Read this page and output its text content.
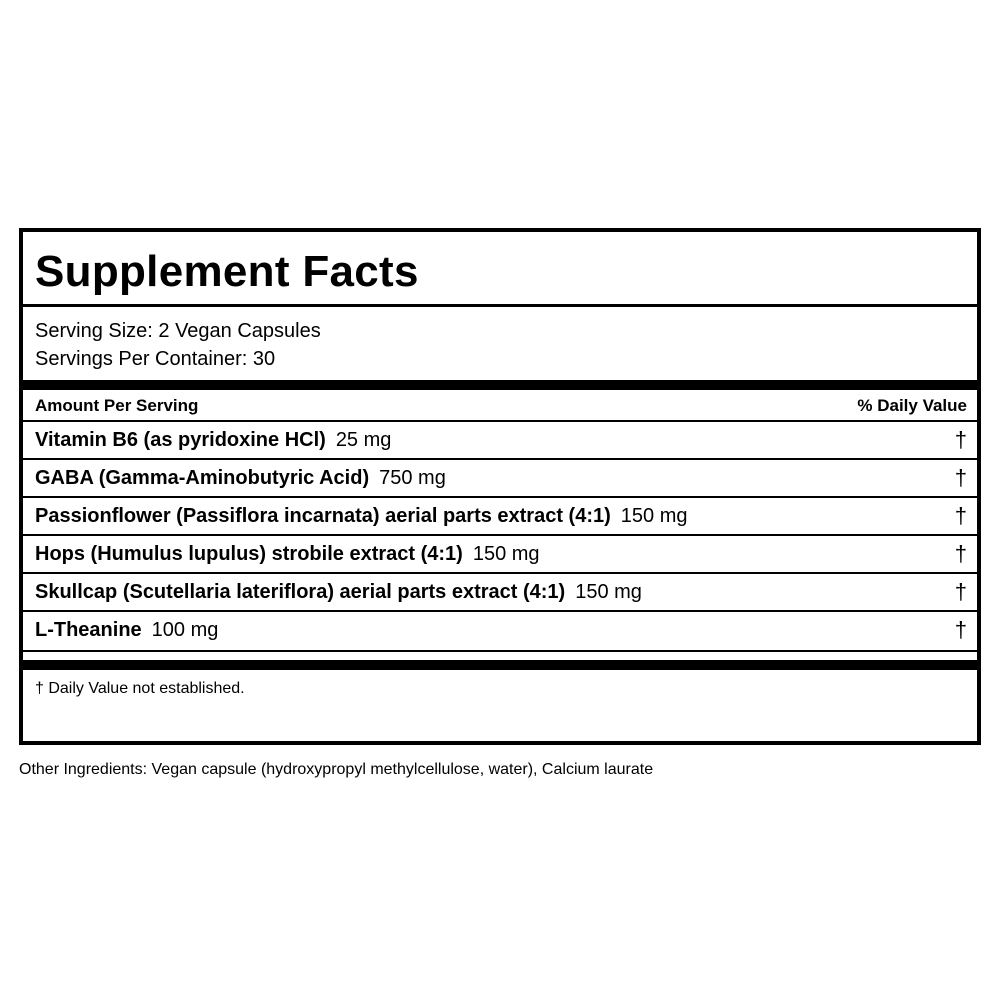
Supplement Facts
Serving Size: 2 Vegan Capsules
Servings Per Container: 30
Amount Per Serving	% Daily Value
Vitamin B6 (as pyridoxine HCl) 25 mg	†
GABA (Gamma-Aminobutyric Acid) 750 mg	†
Passionflower (Passiflora incarnata) aerial parts extract (4:1) 150 mg	†
Hops (Humulus lupulus) strobile extract (4:1) 150 mg	†
Skullcap (Scutellaria lateriflora) aerial parts extract (4:1) 150 mg	†
L-Theanine 100 mg	†
† Daily Value not established.
Other Ingredients: Vegan capsule (hydroxypropyl methylcellulose, water), Calcium laurate
